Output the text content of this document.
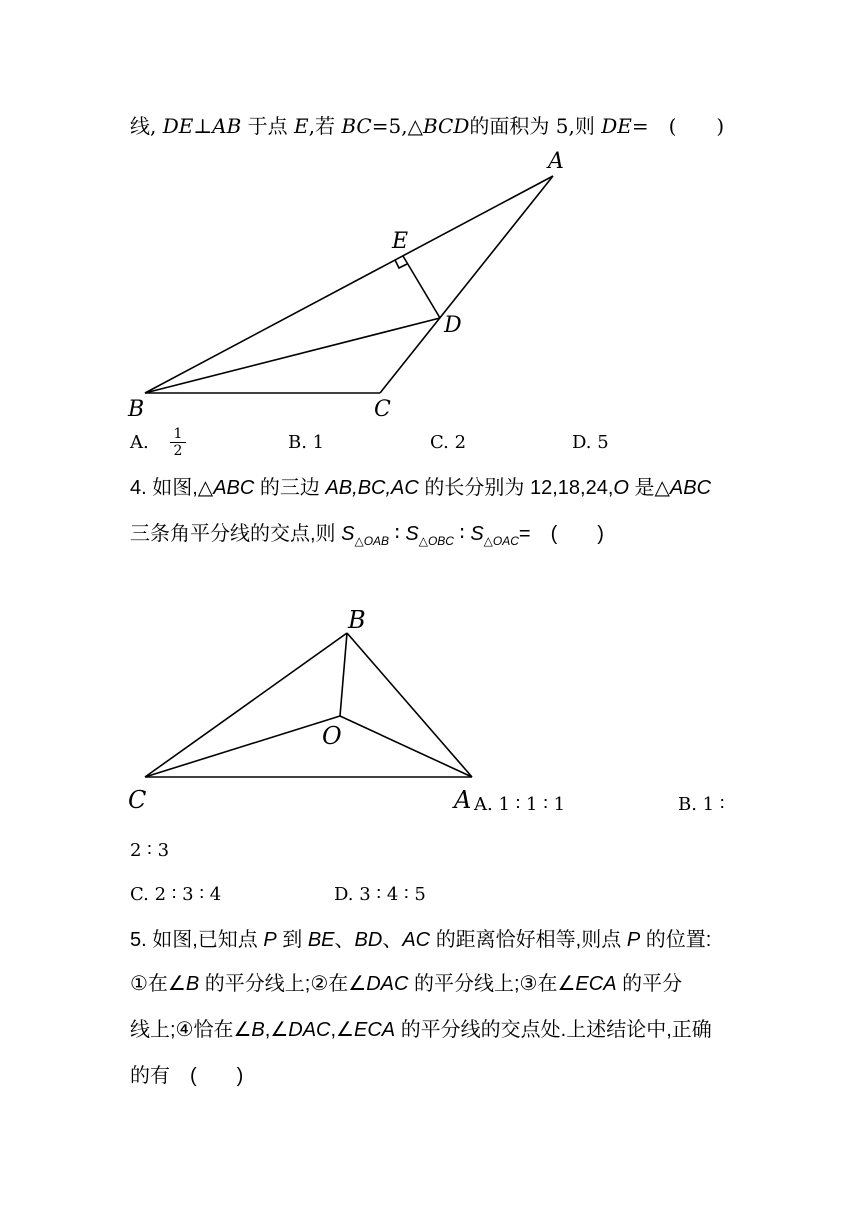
线, DE⊥AB 于点 E,若 BC=5,△BCD的面积为 5,则 DE=　(　　)
A
E
D
B	C
A. $\frac{1}{2}$	B. 1	C. 2	D. 5
4. 如图,△ABC 的三边 AB,BC,AC 的长分别为 12,18,24,O 是△ABC
三条角平分线的交点,则 $S_{\triangle OAB}$ ∶ $S_{\triangle OBC}$ ∶ $S_{\triangle OAC}=$　(　　)
B
O
C	A A. 1 ∶ 1 ∶ 1	B. 1 ∶
2 ∶ 3
C. 2 ∶ 3 ∶ 4	D. 3 ∶ 4 ∶ 5
5. 如图,已知点 P 到 BE、BD、AC 的距离恰好相等,则点 P 的位置:
①在∠B 的平分线上;②在∠DAC 的平分线上;③在∠ECA 的平分
线上;④恰在∠B,∠DAC,∠ECA 的平分线的交点处.上述结论中,正确
的有　(　　)
